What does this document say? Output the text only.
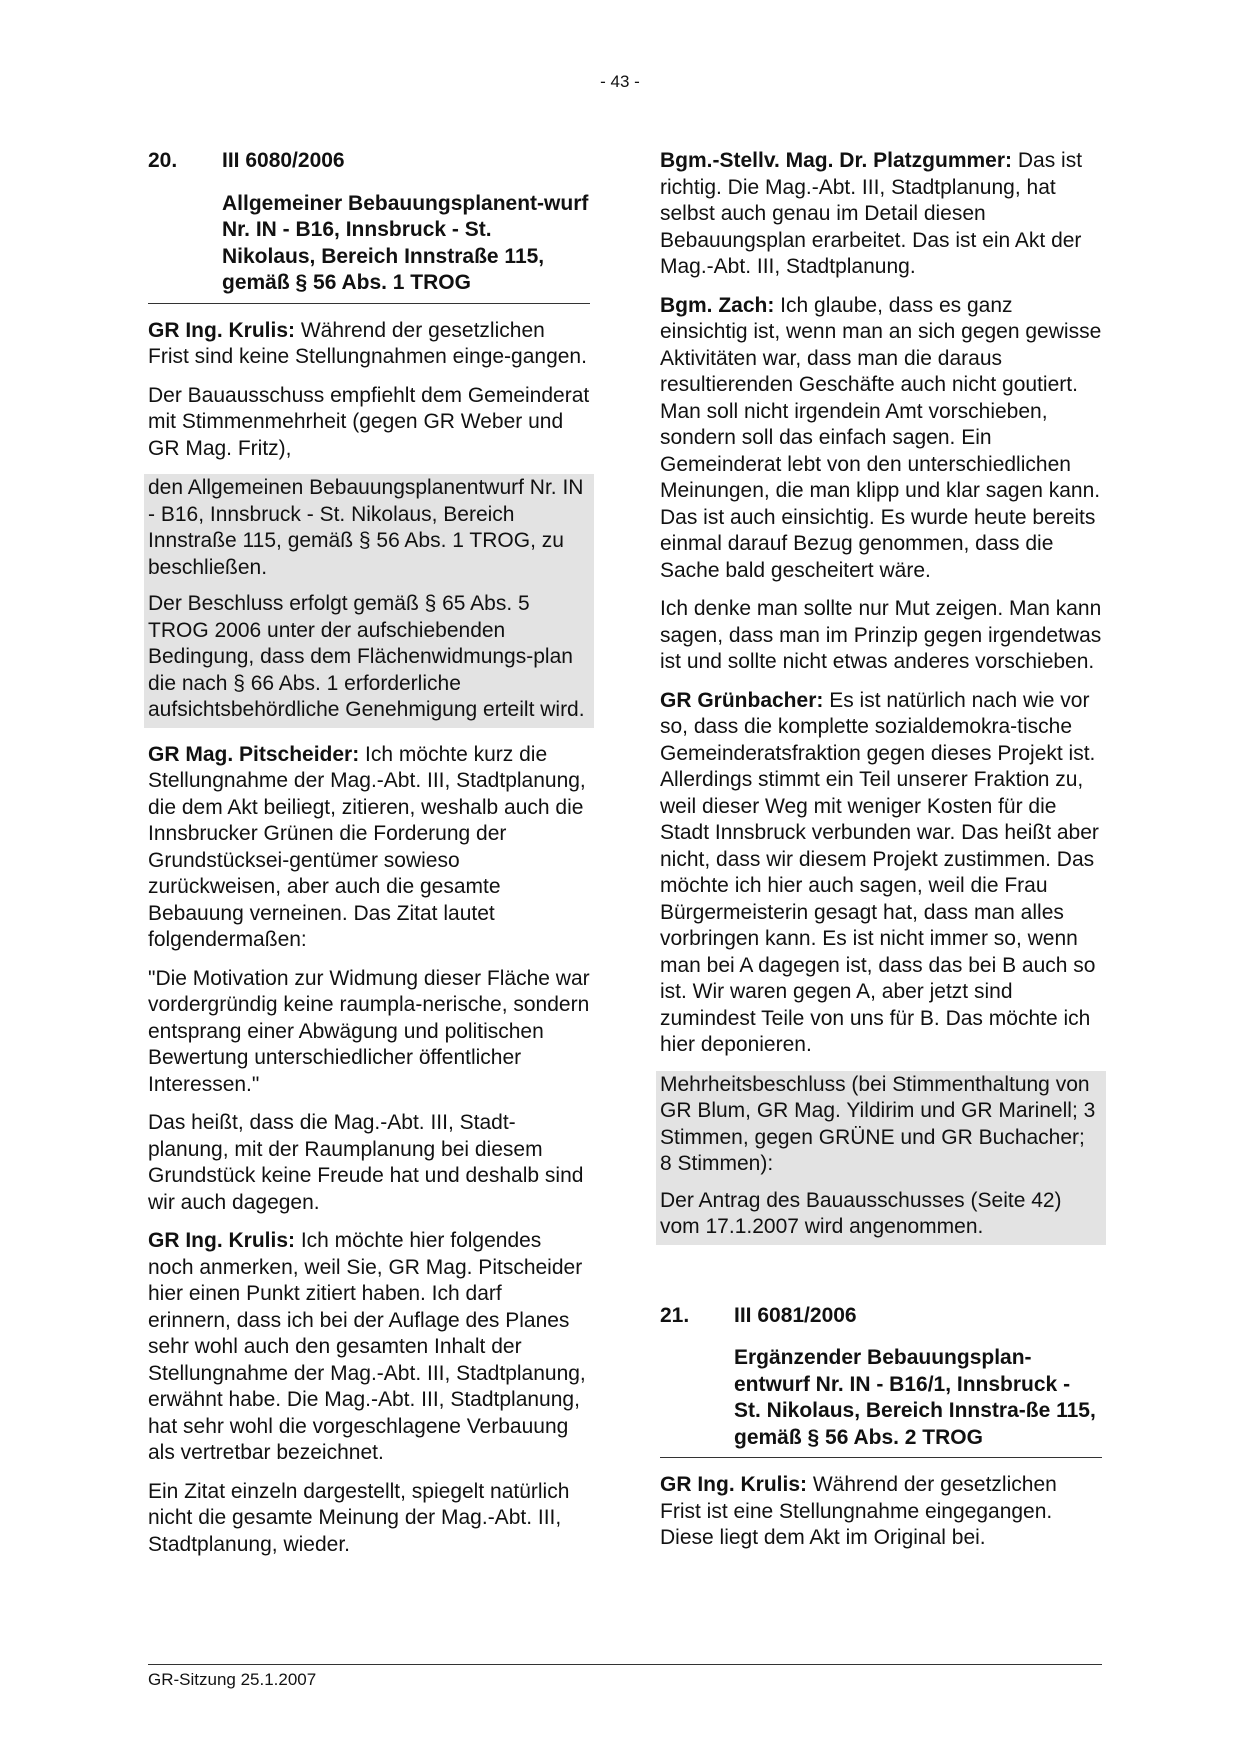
- 43 -
20.	III 6080/2006
Allgemeiner Bebauungsplanent-wurf Nr. IN - B16, Innsbruck - St. Nikolaus, Bereich Innstraße 115, gemäß § 56 Abs. 1 TROG

GR Ing. Krulis: Während der gesetzlichen Frist sind keine Stellungnahmen einge-gangen.

Der Bauausschuss empfiehlt dem Gemeinderat mit Stimmenmehrheit (gegen GR Weber und GR Mag. Fritz),

den Allgemeinen Bebauungsplanentwurf Nr. IN - B16, Innsbruck - St. Nikolaus, Bereich Innstraße 115, gemäß § 56 Abs. 1 TROG, zu beschließen.

Der Beschluss erfolgt gemäß § 65 Abs. 5 TROG 2006 unter der aufschiebenden Bedingung, dass dem Flächenwidmungs-plan die nach § 66 Abs. 1 erforderliche aufsichtsbehördliche Genehmigung erteilt wird.

GR Mag. Pitscheider: Ich möchte kurz die Stellungnahme der Mag.-Abt. III, Stadtplanung, die dem Akt beiliegt, zitieren, weshalb auch die Innsbrucker Grünen die Forderung der Grundstücksei-gentümer sowieso zurückweisen, aber auch die gesamte Bebauung verneinen. Das Zitat lautet folgendermaßen:

"Die Motivation zur Widmung dieser Fläche war vordergründig keine raumpla-nerische, sondern entsprang einer Abwägung und politischen Bewertung unterschiedlicher öffentlicher Interessen."

Das heißt, dass die Mag.-Abt. III, Stadt-planung, mit der Raumplanung bei diesem Grundstück keine Freude hat und deshalb sind wir auch dagegen.

GR Ing. Krulis: Ich möchte hier folgendes noch anmerken, weil Sie, GR Mag. Pitscheider hier einen Punkt zitiert haben. Ich darf erinnern, dass ich bei der Auflage des Planes sehr wohl auch den gesamten Inhalt der Stellungnahme der Mag.-Abt. III, Stadtplanung, erwähnt habe. Die Mag.-Abt. III, Stadtplanung, hat sehr wohl die vorgeschlagene Verbauung als vertretbar bezeichnet.

Ein Zitat einzeln dargestellt, spiegelt natürlich nicht die gesamte Meinung der Mag.-Abt. III, Stadtplanung, wieder.

Bgm.-Stellv. Mag. Dr. Platzgummer: Das ist richtig. Die Mag.-Abt. III, Stadtplanung, hat selbst auch genau im Detail diesen Bebauungsplan erarbeitet. Das ist ein Akt der Mag.-Abt. III, Stadtplanung.

Bgm. Zach: Ich glaube, dass es ganz einsichtig ist, wenn man an sich gegen gewisse Aktivitäten war, dass man die daraus resultierenden Geschäfte auch nicht goutiert. Man soll nicht irgendein Amt vorschieben, sondern soll das einfach sagen. Ein Gemeinderat lebt von den unterschiedlichen Meinungen, die man klipp und klar sagen kann. Das ist auch einsichtig. Es wurde heute bereits einmal darauf Bezug genommen, dass die Sache bald gescheitert wäre.

Ich denke man sollte nur Mut zeigen. Man kann sagen, dass man im Prinzip gegen irgendetwas ist und sollte nicht etwas anderes vorschieben.

GR Grünbacher: Es ist natürlich nach wie vor so, dass die komplette sozialdemokra-tische Gemeinderatsfraktion gegen dieses Projekt ist. Allerdings stimmt ein Teil unserer Fraktion zu, weil dieser Weg mit weniger Kosten für die Stadt Innsbruck verbunden war. Das heißt aber nicht, dass wir diesem Projekt zustimmen. Das möchte ich hier auch sagen, weil die Frau Bürgermeisterin gesagt hat, dass man alles vorbringen kann. Es ist nicht immer so, wenn man bei A dagegen ist, dass das bei B auch so ist. Wir waren gegen A, aber jetzt sind zumindest Teile von uns für B. Das möchte ich hier deponieren.

Mehrheitsbeschluss (bei Stimmenthaltung von GR Blum, GR Mag. Yildirim und GR Marinell; 3 Stimmen, gegen GRÜNE und GR Buchacher; 8 Stimmen):

Der Antrag des Bauausschusses (Seite 42) vom 17.1.2007 wird angenommen.

21.	III 6081/2006
Ergänzender Bebauungsplan-entwurf Nr. IN - B16/1, Innsbruck - St. Nikolaus, Bereich Innstra-ße 115, gemäß § 56 Abs. 2 TROG

GR Ing. Krulis: Während der gesetzlichen Frist ist eine Stellungnahme eingegangen. Diese liegt dem Akt im Original bei.

GR-Sitzung 25.1.2007
